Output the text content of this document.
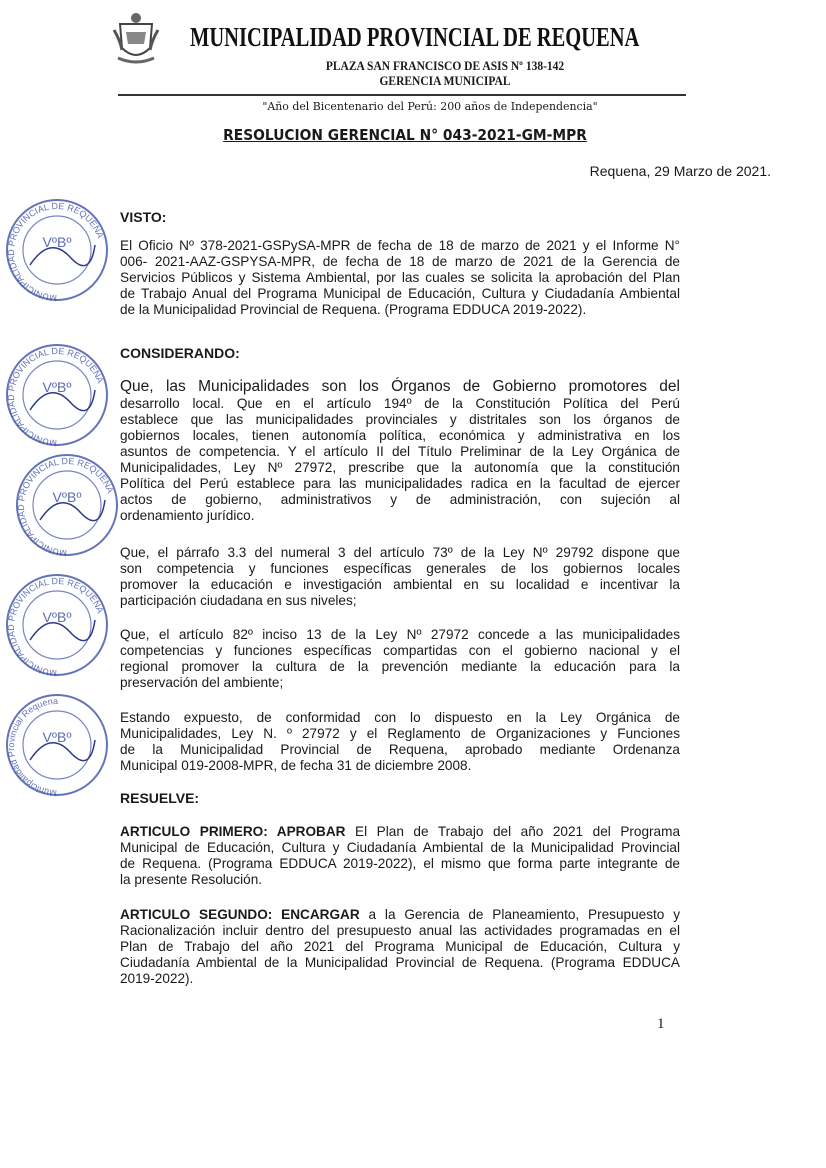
MUNICIPALIDAD PROVINCIAL DE REQUENA
PLAZA SAN FRANCISCO DE ASIS Nº 138-142
GERENCIA MUNICIPAL
"Año del Bicentenario del Perú: 200 años de Independencia"
RESOLUCION GERENCIAL N° 043-2021-GM-MPR
Requena, 29 Marzo de 2021.
VISTO:
El Oficio Nº 378-2021-GSPySA-MPR de fecha de 18 de marzo de 2021 y el Informe N°
006- 2021-AAZ-GSPYSA-MPR, de fecha de 18 de marzo de 2021 de la Gerencia de
Servicios Públicos y Sistema Ambiental, por las cuales se solicita la aprobación del Plan
de Trabajo Anual del Programa Municipal de Educación, Cultura y Ciudadanía Ambiental
de la Municipalidad Provincial de Requena. (Programa EDDUCA 2019-2022).
CONSIDERANDO:
Que, las Municipalidades son los Órganos de Gobierno promotores del
desarrollo local. Que en el artículo 194º de la Constitución Política del Perú
establece que las municipalidades provinciales y distritales son los órganos de
gobiernos locales, tienen autonomía política, económica y administrativa en los
asuntos de competencia. Y el artículo II del Título Preliminar de la Ley Orgánica de
Municipalidades, Ley Nº 27972, prescribe que la autonomía que la constitución
Política del Perú establece para las municipalidades radica en la facultad de ejercer
actos de gobierno, administrativos y de administración, con sujeción al
ordenamiento jurídico.
Que, el párrafo 3.3 del numeral 3 del artículo 73º de la Ley Nº 29792 dispone que
son competencia y funciones específicas generales de los gobiernos locales
promover la educación e investigación ambiental en su localidad e incentivar la
participación ciudadana en sus niveles;
Que, el artículo 82º inciso 13 de la Ley Nº 27972 concede a las municipalidades
competencias y funciones específicas compartidas con el gobierno nacional y el
regional promover la cultura de la prevención mediante la educación para la
preservación del ambiente;
Estando expuesto, de conformidad con lo dispuesto en la Ley Orgánica de
Municipalidades, Ley N. º 27972 y el Reglamento de Organizaciones y Funciones
de la Municipalidad Provincial de Requena, aprobado mediante Ordenanza
Municipal 019-2008-MPR, de fecha 31 de diciembre 2008.
RESUELVE:
ARTICULO PRIMERO: APROBAR El Plan de Trabajo del año 2021 del Programa
Municipal de Educación, Cultura y Ciudadanía Ambiental de la Municipalidad Provincial
de Requena. (Programa EDDUCA 2019-2022), el mismo que forma parte integrante de
la presente Resolución.
ARTICULO SEGUNDO: ENCARGAR a la Gerencia de Planeamiento, Presupuesto y
Racionalización incluir dentro del presupuesto anual las actividades programadas en el
Plan de Trabajo del año 2021 del Programa Municipal de Educación, Cultura y
Ciudadanía Ambiental de la Municipalidad Provincial de Requena. (Programa EDDUCA
2019-2022).
1
MUNICIPALIDAD PROVINCIAL DE REQUENA
VºBº
MUNICIPALIDAD PROVINCIAL DE REQUENA
VºBº
MUNICIPALIDAD PROVINCIAL DE REQUENA
VºBº
MUNICIPALIDAD PROVINCIAL DE REQUENA
VºBº
Municipalidad Provincial Requena
VºBº
